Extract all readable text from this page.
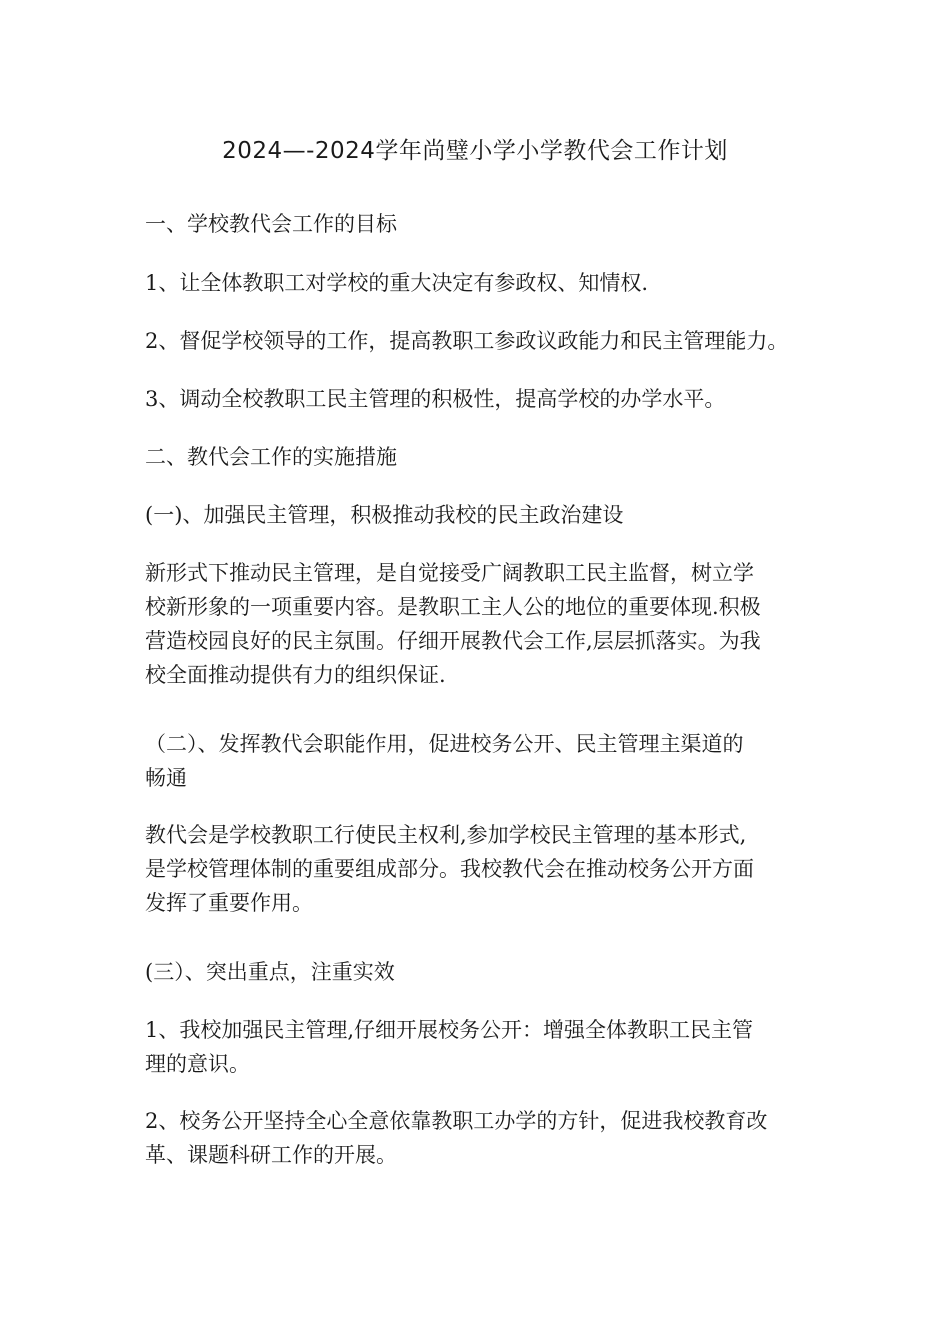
2024—-2024学年尚璧小学小学教代会工作计划

一、学校教代会工作的目标

1、让全体教职工对学校的重大决定有参政权、知情权.

2、督促学校领导的工作，提高教职工参政议政能力和民主管理能力。

3、调动全校教职工民主管理的积极性，提高学校的办学水平。

二、教代会工作的实施措施

(一)、加强民主管理，积极推动我校的民主政治建设

新形式下推动民主管理，是自觉接受广阔教职工民主监督，树立学
校新形象的一项重要内容。是教职工主人公的地位的重要体现.积极
营造校园良好的民主氛围。仔细开展教代会工作,层层抓落实。为我
校全面推动提供有力的组织保证.

（二）、发挥教代会职能作用，促进校务公开、民主管理主渠道的
畅通

教代会是学校教职工行使民主权利,参加学校民主管理的基本形式,
是学校管理体制的重要组成部分。我校教代会在推动校务公开方面
发挥了重要作用。

(三）、突出重点，注重实效

1、我校加强民主管理,仔细开展校务公开：增强全体教职工民主管
理的意识。

2、校务公开坚持全心全意依靠教职工办学的方针，促进我校教育改
革、课题科研工作的开展。
